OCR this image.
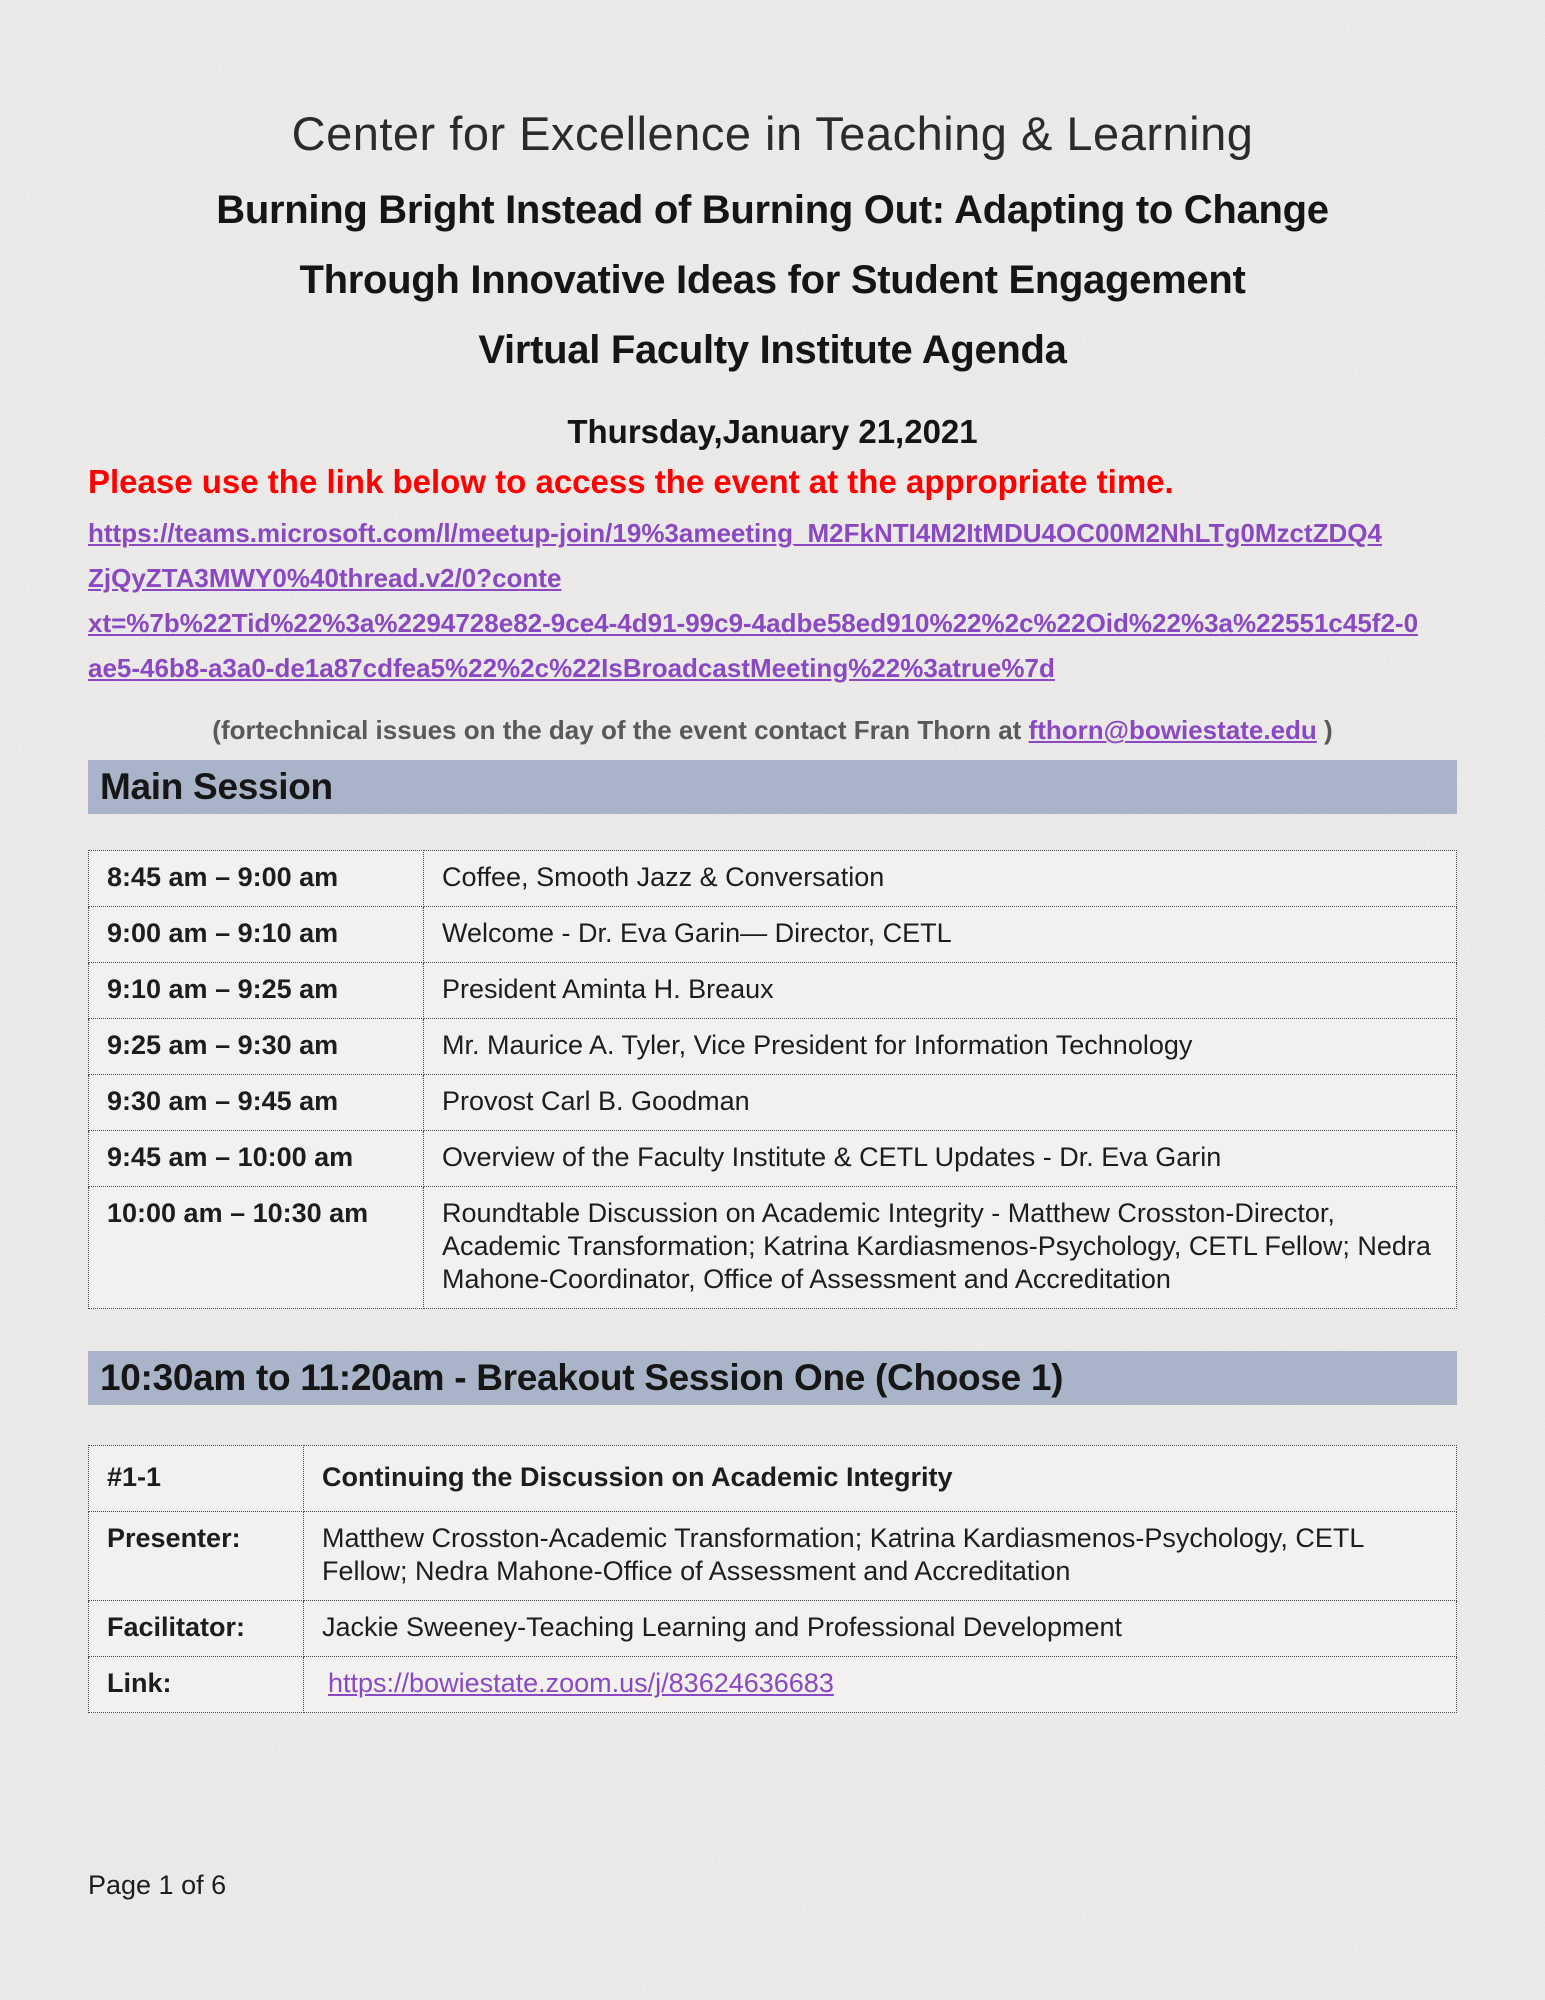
Center for Excellence in Teaching & Learning
Burning Bright Instead of Burning Out: Adapting to Change
Through Innovative Ideas for Student Engagement
Virtual Faculty Institute Agenda
Thursday,January 21,2021
Please use the link below to access the event at the appropriate time.
https://teams.microsoft.com/l/meetup-join/19%3ameeting_M2FkNTI4M2ItMDU4OC00M2NhLTg0MzctZDQ4
ZjQyZTA3MWY0%40thread.v2/0?conte
xt=%7b%22Tid%22%3a%2294728e82-9ce4-4d91-99c9-4adbe58ed910%22%2c%22Oid%22%3a%22551c45f2-0
ae5-46b8-a3a0-de1a87cdfea5%22%2c%22IsBroadcastMeeting%22%3atrue%7d
(fortechnical issues on the day of the event contact Fran Thorn at fthorn@bowiestate.edu )
Main Session
8:45 am – 9:00 am	Coffee, Smooth Jazz & Conversation
9:00 am – 9:10 am	Welcome - Dr. Eva Garin— Director, CETL
9:10 am – 9:25 am	President Aminta H. Breaux
9:25 am – 9:30 am	Mr. Maurice A. Tyler, Vice President for Information Technology
9:30 am – 9:45 am	Provost Carl B. Goodman
9:45 am – 10:00 am	Overview of the Faculty Institute & CETL Updates - Dr. Eva Garin
10:00 am – 10:30 am	Roundtable Discussion on Academic Integrity - Matthew Crosston-Director, Academic Transformation; Katrina Kardiasmenos-Psychology, CETL Fellow; Nedra Mahone-Coordinator, Office of Assessment and Accreditation
10:30am to 11:20am - Breakout Session One (Choose 1)
#1-1	Continuing the Discussion on Academic Integrity
Presenter:	Matthew Crosston-Academic Transformation; Katrina Kardiasmenos-Psychology, CETL Fellow; Nedra Mahone-Office of Assessment and Accreditation
Facilitator:	Jackie Sweeney-Teaching Learning and Professional Development
Link:	https://bowiestate.zoom.us/j/83624636683
Page 1 of 6
